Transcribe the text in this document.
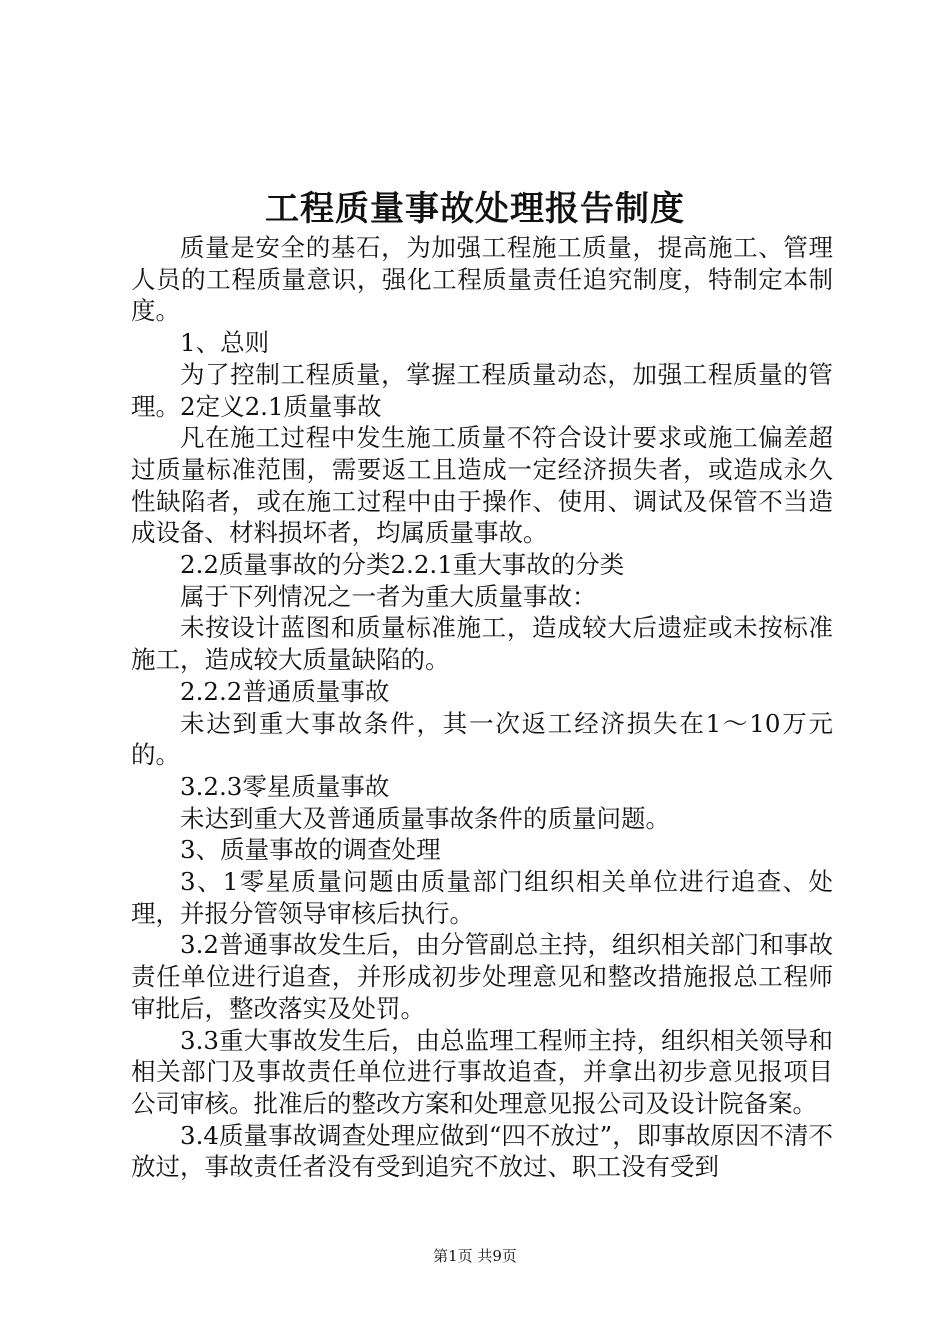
工程质量事故处理报告制度

质量是安全的基石，为加强工程施工质量，提高施工、管理人员的工程质量意识，强化工程质量责任追究制度，特制定本制度。

1、总则

为了控制工程质量，掌握工程质量动态，加强工程质量的管理。2定义2.1质量事故

凡在施工过程中发生施工质量不符合设计要求或施工偏差超过质量标准范围，需要返工且造成一定经济损失者，或造成永久性缺陷者，或在施工过程中由于操作、使用、调试及保管不当造成设备、材料损坏者，均属质量事故。

2.2质量事故的分类2.2.1重大事故的分类

属于下列情况之一者为重大质量事故：

未按设计蓝图和质量标准施工，造成较大后遗症或未按标准施工，造成较大质量缺陷的。

2.2.2普通质量事故

未达到重大事故条件，其一次返工经济损失在1～10万元的。

3.2.3零星质量事故

未达到重大及普通质量事故条件的质量问题。

3、质量事故的调查处理

3、1零星质量问题由质量部门组织相关单位进行追查、处理，并报分管领导审核后执行。

3.2普通事故发生后，由分管副总主持，组织相关部门和事故责任单位进行追查，并形成初步处理意见和整改措施报总工程师审批后，整改落实及处罚。

3.3重大事故发生后，由总监理工程师主持，组织相关领导和相关部门及事故责任单位进行事故追查，并拿出初步意见报项目公司审核。批准后的整改方案和处理意见报公司及设计院备案。

3.4质量事故调查处理应做到“四不放过”，即事故原因不清不放过，事故责任者没有受到追究不放过、职工没有受到

第1页 共9页
